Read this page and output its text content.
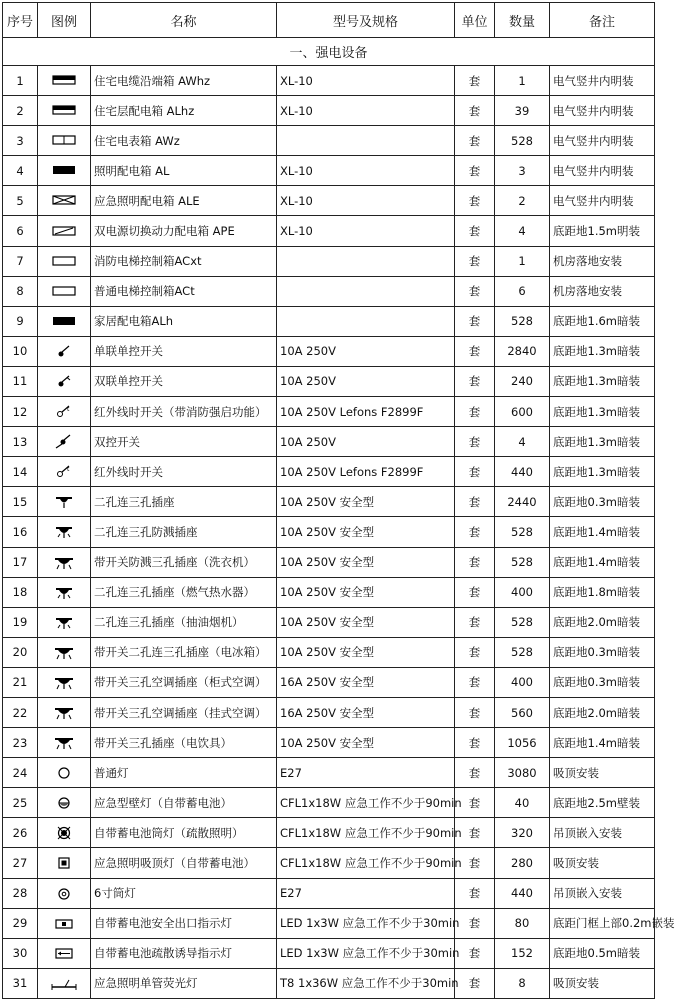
序号	图例	名称	型号及规格	单位	数量	备注
一、强电设备						
1		住宅电缆沿端箱 AWhz	XL-10	套	1	电气竖井内明装
2		住宅层配电箱 ALhz	XL-10	套	39	电气竖井内明装
3		住宅电表箱 AWz		套	528	电气竖井内明装
4		照明配电箱 AL	XL-10	套	3	电气竖井内明装
5		应急照明配电箱 ALE	XL-10	套	2	电气竖井内明装
6		双电源切换动力配电箱 APE	XL-10	套	4	底距地1.5m明装
7		消防电梯控制箱ACxt		套	1	机房落地安装
8		普通电梯控制箱ACt		套	6	机房落地安装
9		家居配电箱ALh		套	528	底距地1.6m暗装
10		单联单控开关	10A 250V	套	2840	底距地1.3m暗装
11		双联单控开关	10A 250V	套	240	底距地1.3m暗装
12	t	红外线时开关（带消防强启功能）	10A 250V Lefons F2899F	套	600	底距地1.3m暗装
13		双控开关	10A 250V	套	4	底距地1.3m暗装
14	t	红外线时开关	10A 250V Lefons F2899F	套	440	底距地1.3m暗装
15		二孔连三孔插座	10A 250V 安全型	套	2440	底距地0.3m暗装
16		二孔连三孔防溅插座	10A 250V 安全型	套	528	底距地1.4m暗装
17		带开关防溅三孔插座（洗衣机）	10A 250V 安全型	套	528	底距地1.4m暗装
18		二孔连三孔插座（燃气热水器）	10A 250V 安全型	套	400	底距地1.8m暗装
19		二孔连三孔插座（抽油烟机）	10A 250V 安全型	套	528	底距地2.0m暗装
20		带开关二孔连三孔插座（电冰箱）	10A 250V 安全型	套	528	底距地0.3m暗装
21		带开关三孔空调插座（柜式空调）	16A 250V 安全型	套	400	底距地0.3m暗装
22		带开关三孔空调插座（挂式空调）	16A 250V 安全型	套	560	底距地2.0m暗装
23		带开关三孔插座（电饮具）	10A 250V 安全型	套	1056	底距地1.4m暗装
24		普通灯	E27	套	3080	吸顶安装
25		应急型壁灯（自带蓄电池）	CFL1x18W 应急工作不少于90min	套	40	底距地2.5m壁装
26		自带蓄电池筒灯（疏散照明）	CFL1x18W 应急工作不少于90min	套	320	吊顶嵌入安装
27		应急照明吸顶灯（自带蓄电池）	CFL1x18W 应急工作不少于90min	套	280	吸顶安装
28		6寸筒灯	E27	套	440	吊顶嵌入安装
29		自带蓄电池安全出口指示灯	LED 1x3W 应急工作不少于30min	套	80	底距门框上部0.2m嵌装
30		自带蓄电池疏散诱导指示灯	LED 1x3W 应急工作不少于30min	套	152	底距地0.5m暗装
31		应急照明单管荧光灯	T8 1x36W 应急工作不少于30min	套	8	吸顶安装
